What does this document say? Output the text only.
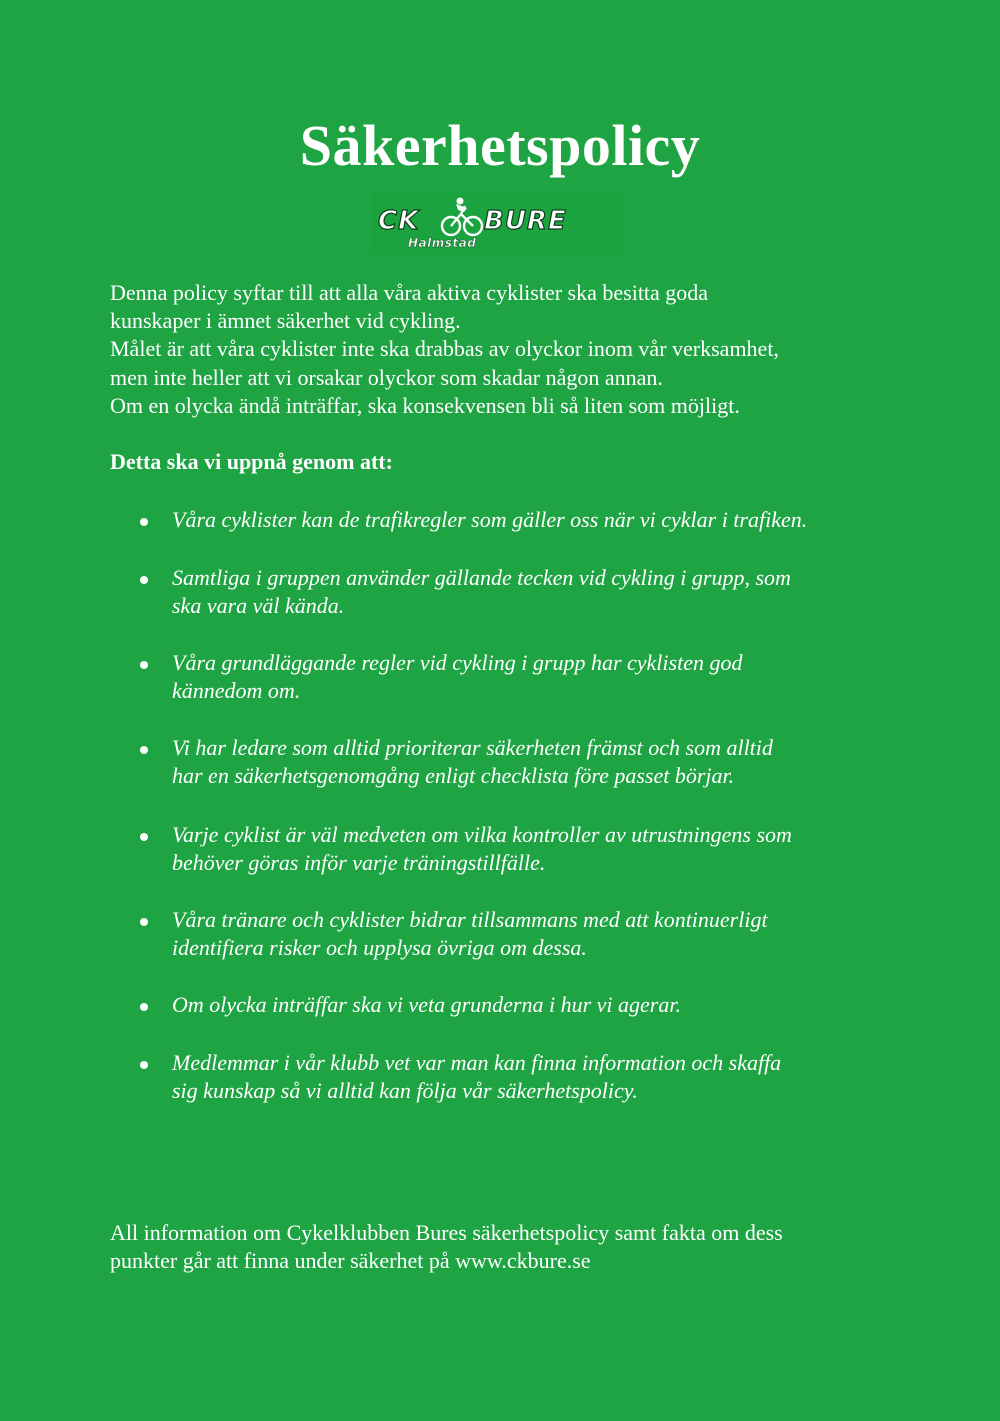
Säkerhetspolicy
CK BURE
Halmstad

Denna policy syftar till att alla våra aktiva cyklister ska besitta goda
kunskaper i ämnet säkerhet vid cykling.
Målet är att våra cyklister inte ska drabbas av olyckor inom vår verksamhet,
men inte heller att vi orsakar olyckor som skadar någon annan.
Om en olycka ändå inträffar, ska konsekvensen bli så liten som möjligt.

Detta ska vi uppnå genom att:

Våra cyklister kan de trafikregler som gäller oss när vi cyklar i trafiken.
Samtliga i gruppen använder gällande tecken vid cykling i grupp, som
ska vara väl kända.
Våra grundläggande regler vid cykling i grupp har cyklisten god
kännedom om.
Vi har ledare som alltid prioriterar säkerheten främst och som alltid
har en säkerhetsgenomgång enligt checklista före passet börjar.
Varje cyklist är väl medveten om vilka kontroller av utrustningens som
behöver göras inför varje träningstillfälle.
Våra tränare och cyklister bidrar tillsammans med att kontinuerligt
identifiera risker och upplysa övriga om dessa.
Om olycka inträffar ska vi veta grunderna i hur vi agerar.
Medlemmar i vår klubb vet var man kan finna information och skaffa
sig kunskap så vi alltid kan följa vår säkerhetspolicy.

All information om Cykelklubben Bures säkerhetspolicy samt fakta om dess
punkter går att finna under säkerhet på www.ckbure.se
